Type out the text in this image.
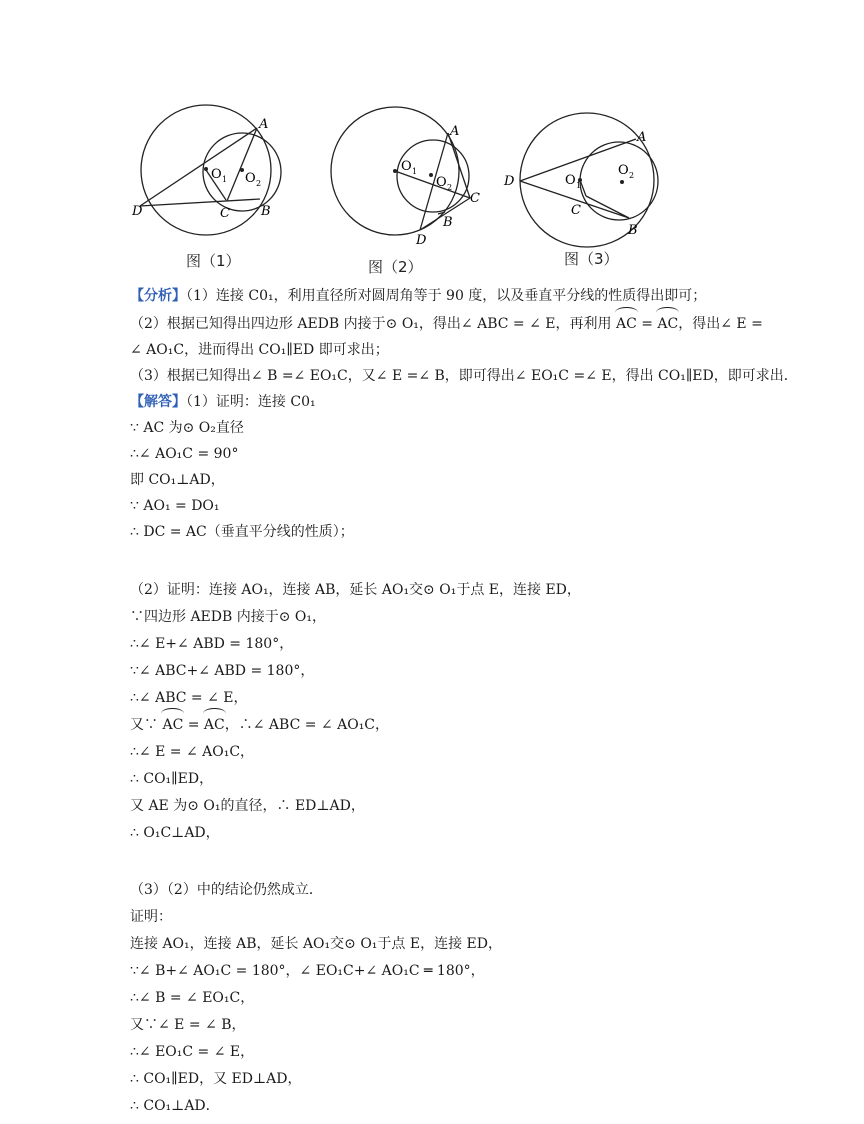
A
D	C B
O 1 O 2
图（1）
A
C
B
D
O 1
O 2
图（2）
A
D
C
B
O 1
O 2
图（3）
【分析】（1）连接 C0₁，利用直径所对圆周角等于 90 度，以及垂直平分线的性质得出即可；
（2）根据已知得出四边形 AEDB 内接于⊙ O₁，得出∠ ABC = ∠ E，再利用 AC = AC，得出∠ E =
∠ AO₁C，进而得出 CO₁∥ED 即可求出；
（3）根据已知得出∠ B =∠ EO₁C，又∠ E =∠ B，即可得出∠ EO₁C =∠ E，得出 CO₁∥ED，即可求出．
【解答】（1）证明：连接 C0₁
∵ AC 为⊙ O₂直径
∴∠ AO₁C = 90°
即 CO₁⊥AD，
∵ AO₁ = DO₁
∴ DC = AC（垂直平分线的性质）；
（2）证明：连接 AO₁，连接 AB，延长 AO₁交⊙ O₁于点 E，连接 ED，
∵四边形 AEDB 内接于⊙ O₁，
∴∠ E+∠ ABD = 180°，
∵∠ ABC+∠ ABD = 180°，
∴∠ ABC = ∠ E，
又∵ AC = AC，∴∠ ABC = ∠ AO₁C，
∴∠ E = ∠ AO₁C，
∴ CO₁∥ED，
又 AE 为⊙ O₁的直径，∴ ED⊥AD，
∴ O₁C⊥AD，
（3）（2）中的结论仍然成立．
证明：
连接 AO₁，连接 AB，延长 AO₁交⊙ O₁于点 E，连接 ED，
∵∠ B+∠ AO₁C = 180°，∠ EO₁C+∠ AO₁C ═ 180°，
∴∠ B = ∠ EO₁C，
又∵∠ E = ∠ B，
∴∠ EO₁C = ∠ E，
∴ CO₁∥ED，又 ED⊥AD，
∴ CO₁⊥AD．
